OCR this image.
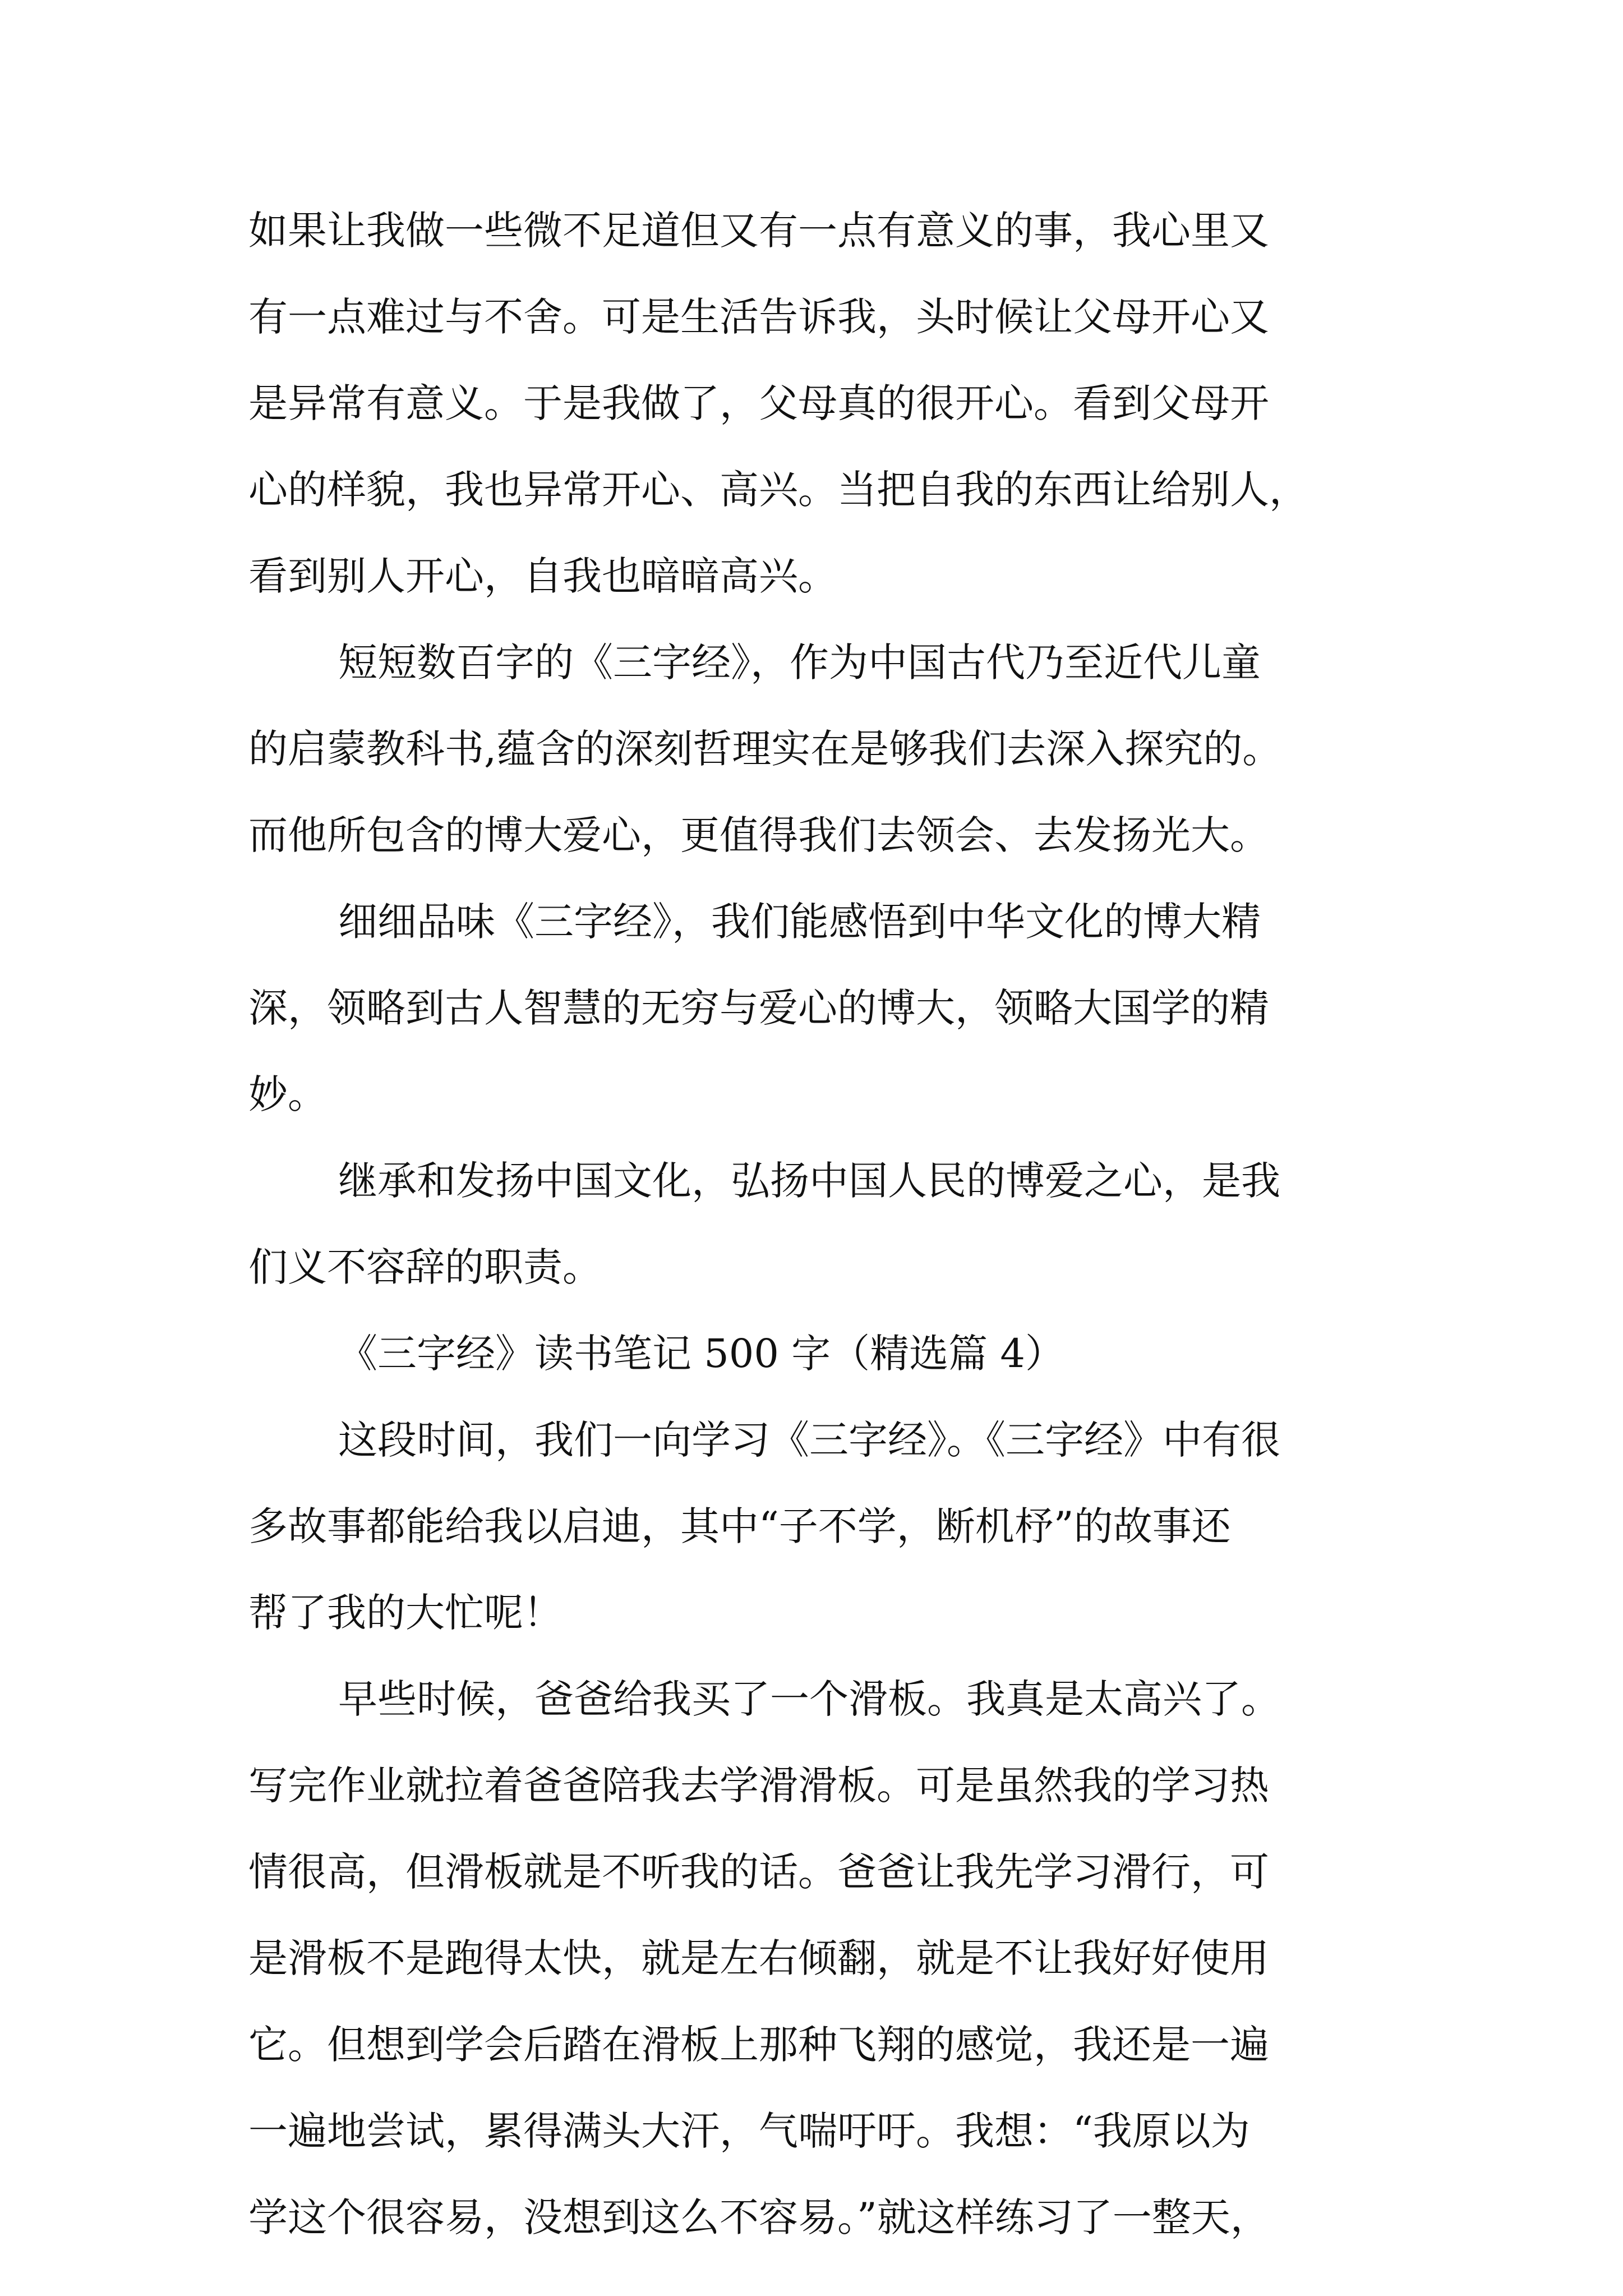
如果让我做一些微不足道但又有一点有意义的事，我心里又
有一点难过与不舍。可是生活告诉我，头时候让父母开心又
是异常有意义。于是我做了，父母真的很开心。看到父母开
心的样貌，我也异常开心、高兴。当把自我的东西让给别人，
看到别人开心，自我也暗暗高兴。
短短数百字的《三字经》，作为中国古代乃至近代儿童
的启蒙教科书,蕴含的深刻哲理实在是够我们去深入探究的。
而他所包含的博大爱心，更值得我们去领会、去发扬光大。
细细品味《三字经》，我们能感悟到中华文化的博大精
深，领略到古人智慧的无穷与爱心的博大，领略大国学的精
妙。
继承和发扬中国文化，弘扬中国人民的博爱之心，是我
们义不容辞的职责。
《三字经》读书笔记 500 字（精选篇 4）
这段时间，我们一向学习《三字经》。《三字经》中有很
多故事都能给我以启迪，其中“子不学，断机杼”的故事还
帮了我的大忙呢！
早些时候，爸爸给我买了一个滑板。我真是太高兴了。
写完作业就拉着爸爸陪我去学滑滑板。可是虽然我的学习热
情很高，但滑板就是不听我的话。爸爸让我先学习滑行，可
是滑板不是跑得太快，就是左右倾翻，就是不让我好好使用
它。但想到学会后踏在滑板上那种飞翔的感觉，我还是一遍
一遍地尝试，累得满头大汗，气喘吁吁。我想：“我原以为
学这个很容易，没想到这么不容易。”就这样练习了一整天，
